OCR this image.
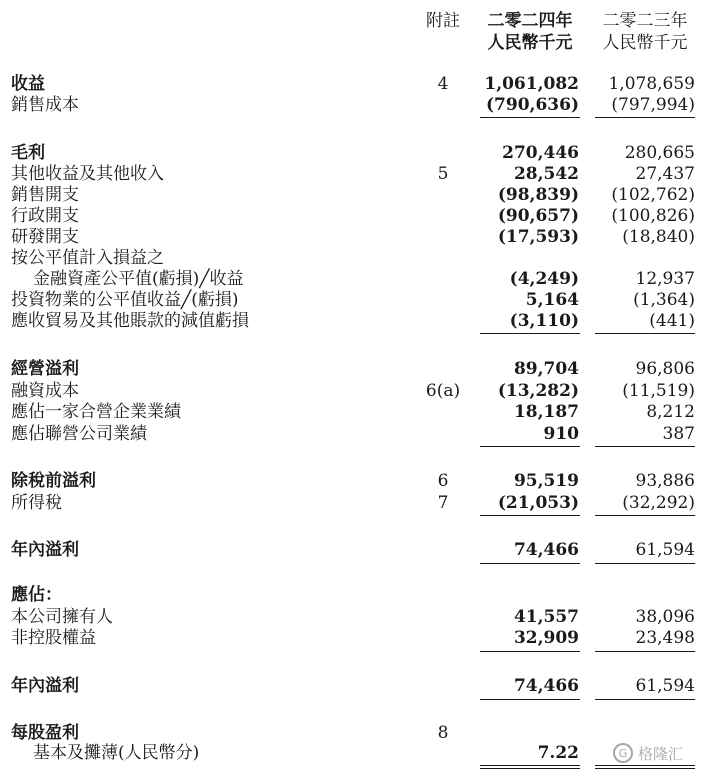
附註	二零二四年
人民幣千元
二零二三年
人民幣千元
收益	4	1,061,082	1,078,659
銷售成本	(790,636)	(797,994)
毛利	270,446	280,665
其他收益及其他收入	5	28,542	27,437
銷售開支	(98,839)	(102,762)
行政開支	(90,657)	(100,826)
研發開支	(17,593)	(18,840)
按公平值計入損益之
金融資產公平值(虧損)╱收益	(4,249)	12,937
投資物業的公平值收益╱(虧損)	5,164	(1,364)
應收貿易及其他賬款的減值虧損	(3,110)	(441)
經營溢利	89,704	96,806
融資成本	6(a)	(13,282)	(11,519)
應佔一家合營企業業績	18,187	8,212
應佔聯營公司業績	910	387
除稅前溢利	6	95,519	93,886
所得稅	7	(21,053)	(32,292)
年內溢利	74,466	61,594
應佔：
本公司擁有人	41,557	38,096
非控股權益	32,909	23,498
年內溢利	74,466	61,594
每股盈利	8
基本及攤薄(人民幣分)	7.22	G 格隆汇
